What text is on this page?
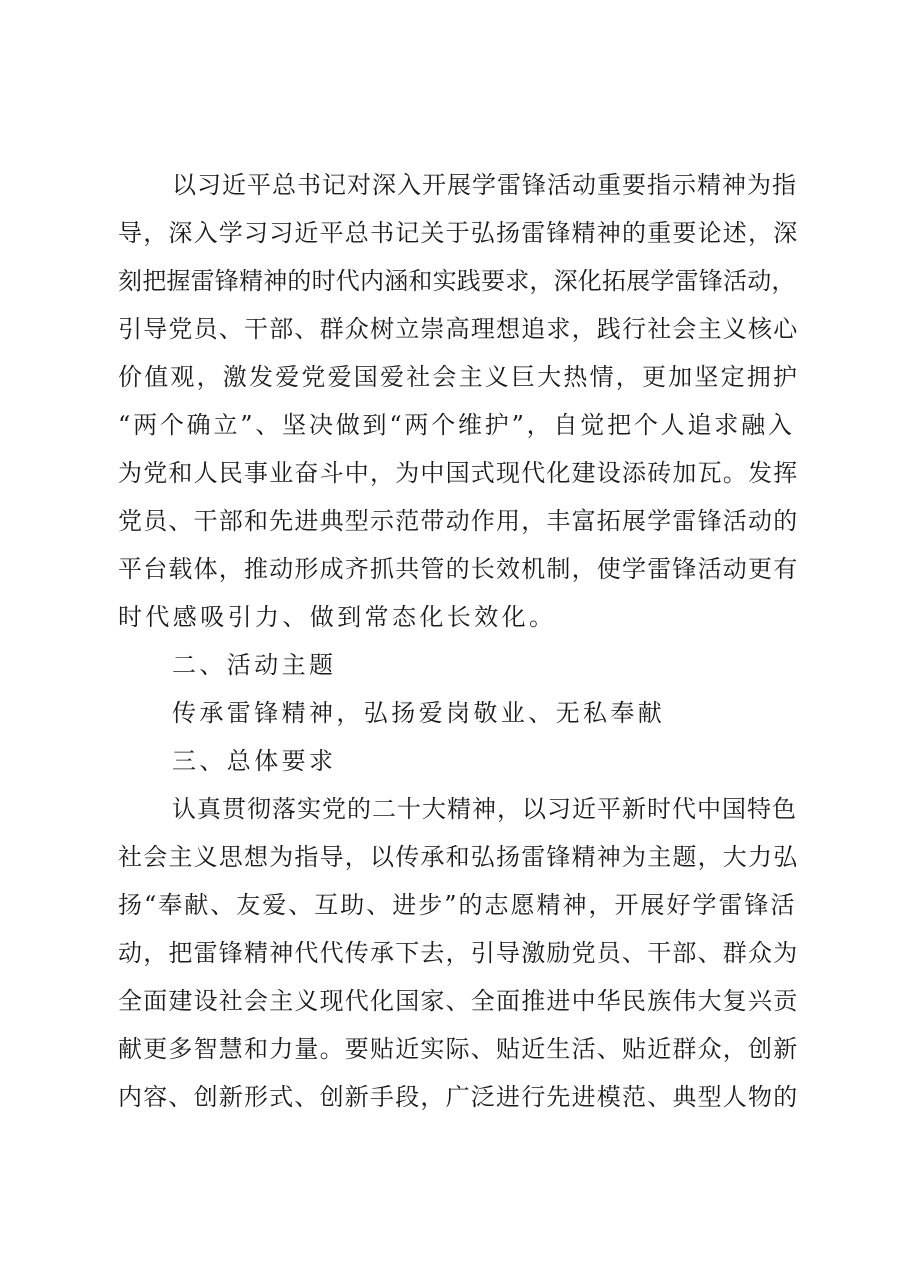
以习近平总书记对深入开展学雷锋活动重要指示精神为指
导，深入学习习近平总书记关于弘扬雷锋精神的重要论述，深
刻把握雷锋精神的时代内涵和实践要求，深化拓展学雷锋活动，
引导党员、干部、群众树立崇高理想追求，践行社会主义核心
价值观，激发爱党爱国爱社会主义巨大热情，更加坚定拥护
“两个确立”、坚决做到“两个维护”，自觉把个人追求融入
为党和人民事业奋斗中，为中国式现代化建设添砖加瓦。发挥
党员、干部和先进典型示范带动作用，丰富拓展学雷锋活动的
平台载体，推动形成齐抓共管的长效机制，使学雷锋活动更有
时代感吸引力、做到常态化长效化。
二、活动主题
传承雷锋精神，弘扬爱岗敬业、无私奉献
三、总体要求
认真贯彻落实党的二十大精神，以习近平新时代中国特色
社会主义思想为指导，以传承和弘扬雷锋精神为主题，大力弘
扬“奉献、友爱、互助、进步”的志愿精神，开展好学雷锋活
动，把雷锋精神代代传承下去，引导激励党员、干部、群众为
全面建设社会主义现代化国家、全面推进中华民族伟大复兴贡
献更多智慧和力量。要贴近实际、贴近生活、贴近群众，创新
内容、创新形式、创新手段，广泛进行先进模范、典型人物的
